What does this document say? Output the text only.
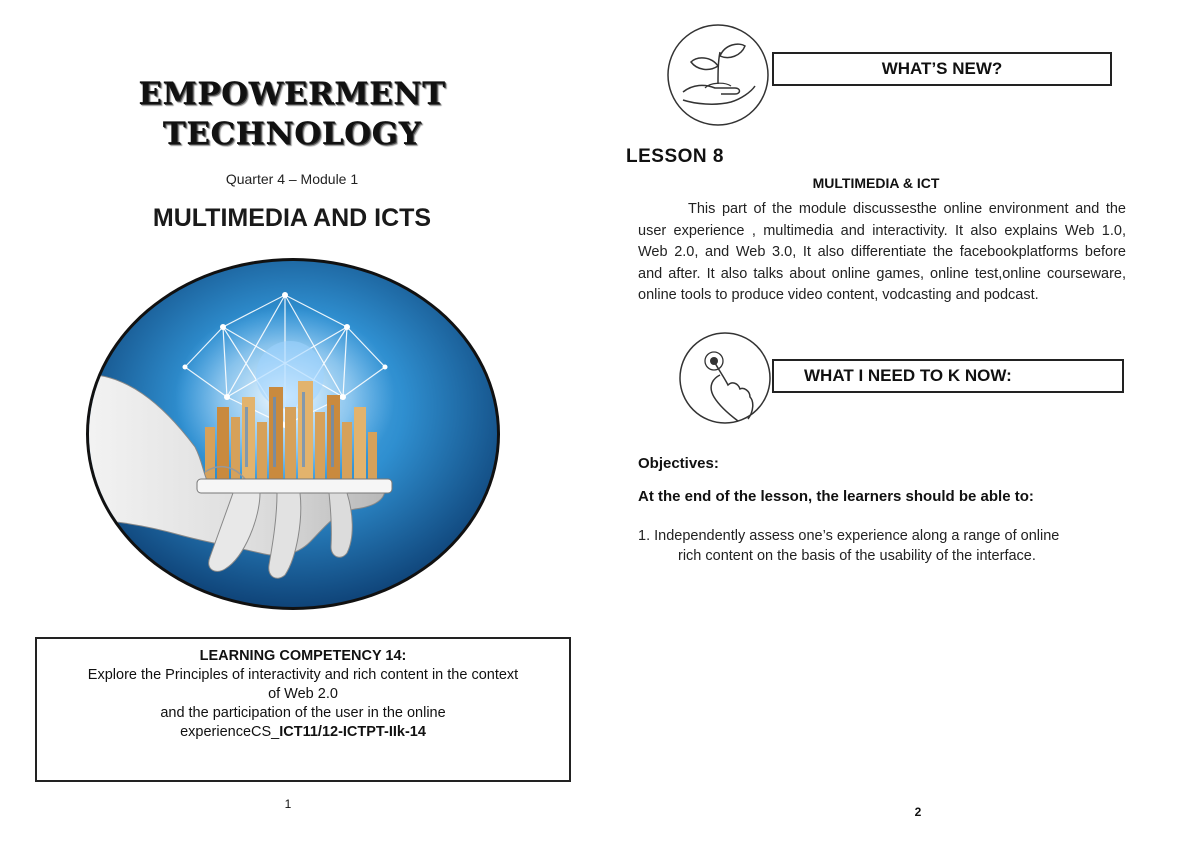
EMPOWERMENT
TECHNOLOGY
Quarter 4 – Module 1
MULTIMEDIA AND ICTS
LEARNING COMPETENCY 14:
Explore the Principles of interactivity and rich content in the context
of Web 2.0
and the participation of the user in the online
experienceCS_ICT11/12-ICTPT-IIk-14
1
WHAT’S NEW?
LESSON 8
MULTIMEDIA & ICT
This part of the module discussesthe online environment and the user experience , multimedia and interactivity. It also explains Web 1.0, Web 2.0, and Web 3.0, It also differentiate the facebookplatforms before and after. It also talks about online games, online test,online courseware, online tools to produce video content, vodcasting and podcast.
WHAT I NEED TO K NOW:
Objectives:
At the end of the lesson, the learners should be able to:
1. Independently assess one’s experience along a range of online
rich content on the basis of the usability of the interface.
2
